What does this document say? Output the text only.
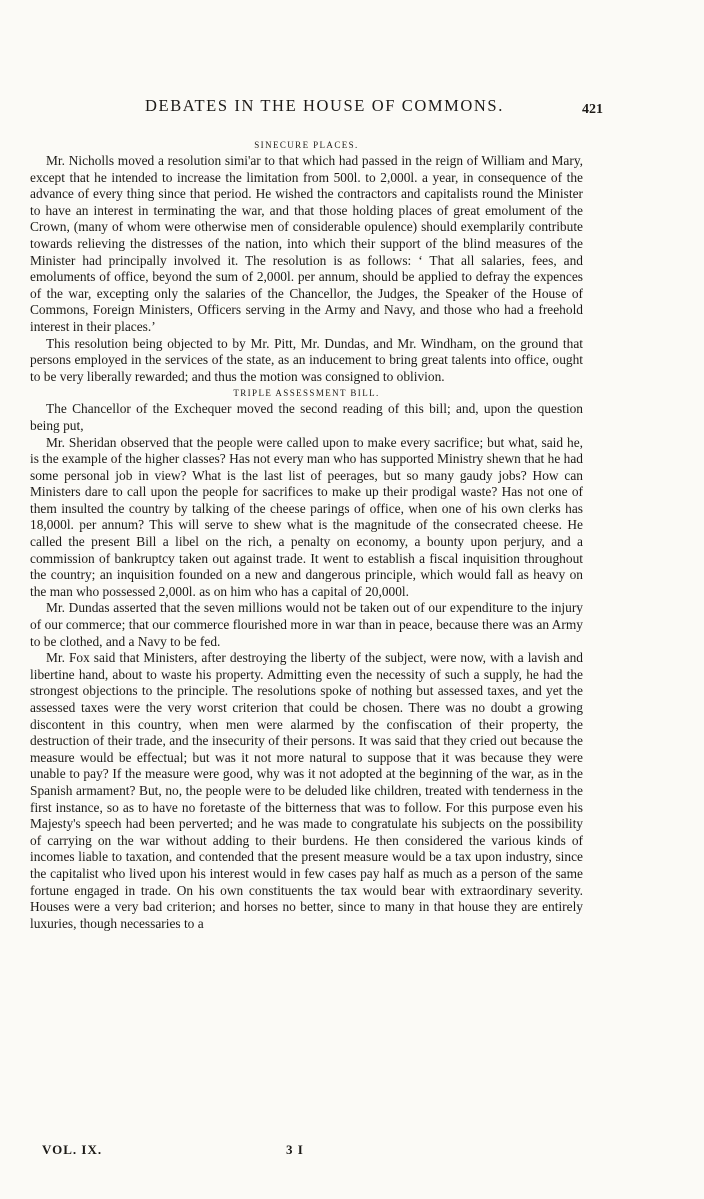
DEBATES IN THE HOUSE OF COMMONS.	421
SINECURE PLACES.

Mr. Nicholls moved a resolution simi'ar to that which had passed in the reign of William and Mary, except that he intended to increase the limitation from 500l. to 2,000l. a year, in consequence of the advance of every thing since that period. He wished the contractors and capitalists round the Minister to have an interest in terminating the war, and that those holding places of great emolument of the Crown, (many of whom were otherwise men of considerable opulence) should exemplarily contribute towards relieving the distresses of the nation, into which their support of the blind measures of the Minister had principally involved it. The resolution is as follows: ‘ That all salaries, fees, and emoluments of office, beyond the sum of 2,000l. per annum, should be applied to defray the expences of the war, excepting only the salaries of the Chancellor, the Judges, the Speaker of the House of Commons, Foreign Ministers, Officers serving in the Army and Navy, and those who had a freehold interest in their places.’

This resolution being objected to by Mr. Pitt, Mr. Dundas, and Mr. Windham, on the ground that persons employed in the services of the state, as an inducement to bring great talents into office, ought to be very liberally rewarded; and thus the motion was consigned to oblivion.

TRIPLE ASSESSMENT BILL.

The Chancellor of the Exchequer moved the second reading of this bill; and, upon the question being put,

Mr. Sheridan observed that the people were called upon to make every sacrifice; but what, said he, is the example of the higher classes? Has not every man who has supported Ministry shewn that he had some personal job in view? What is the last list of peerages, but so many gaudy jobs? How can Ministers dare to call upon the people for sacrifices to make up their prodigal waste? Has not one of them insulted the country by talking of the cheese parings of office, when one of his own clerks has 18,000l. per annum? This will serve to shew what is the magnitude of the consecrated cheese. He called the present Bill a libel on the rich, a penalty on economy, a bounty upon perjury, and a commission of bankruptcy taken out against trade. It went to establish a fiscal inquisition throughout the country; an inquisition founded on a new and dangerous principle, which would fall as heavy on the man who possessed 2,000l. as on him who has a capital of 20,000l.

Mr. Dundas asserted that the seven millions would not be taken out of our expenditure to the injury of our commerce; that our commerce flourished more in war than in peace, because there was an Army to be clothed, and a Navy to be fed.

Mr. Fox said that Ministers, after destroying the liberty of the subject, were now, with a lavish and libertine hand, about to waste his property. Admitting even the necessity of such a supply, he had the strongest objections to the principle. The resolutions spoke of nothing but assessed taxes, and yet the assessed taxes were the very worst criterion that could be chosen. There was no doubt a growing discontent in this country, when men were alarmed by the confiscation of their property, the destruction of their trade, and the insecurity of their persons. It was said that they cried out because the measure would be effectual; but was it not more natural to suppose that it was because they were unable to pay? If the measure were good, why was it not adopted at the beginning of the war, as in the Spanish armament? But, no, the people were to be deluded like children, treated with tenderness in the first instance, so as to have no foretaste of the bitterness that was to follow. For this purpose even his Majesty's speech had been perverted; and he was made to congratulate his subjects on the possibility of carrying on the war without adding to their burdens. He then considered the various kinds of incomes liable to taxation, and contended that the present measure would be a tax upon industry, since the capitalist who lived upon his interest would in few cases pay half as much as a person of the same fortune engaged in trade. On his own constituents the tax would bear with extraordinary severity. Houses were a very bad criterion; and horses no better, since to many in that house they are entirely luxuries, though necessaries to a

VOL. IX.	3 I
